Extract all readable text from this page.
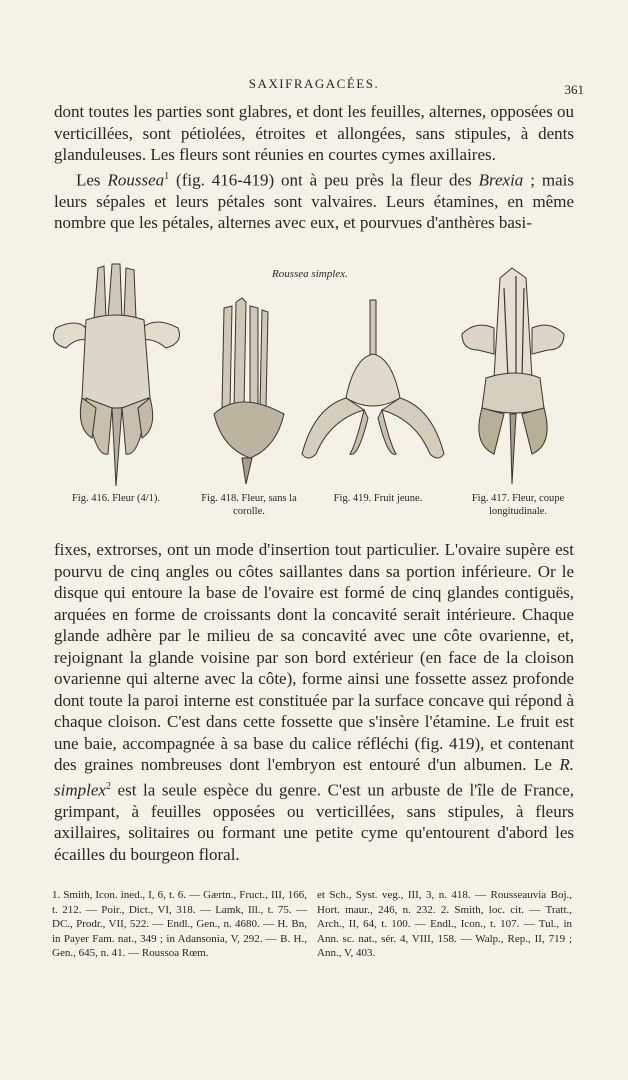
SAXIFRAGACÉES.	361

dont toutes les parties sont glabres, et dont les feuilles, alternes, opposées ou verticillées, sont pétiolées, étroites et allongées, sans stipules, à dents glanduleuses. Les fleurs sont réunies en courtes cymes axillaires.

Les Roussea$^1$ (fig. 416-419) ont à peu près la fleur des Brexia ; mais leurs sépales et leurs pétales sont valvaires. Leurs étamines, en même nombre que les pétales, alternes avec eux, et pourvues d'anthères basi-

Roussea simplex.
Fig. 416. Fleur (4/1).	Fig. 418. Fleur, sans la corolle.
Fig. 419. Fruit jeune.	Fig. 417. Fleur, coupe longitudinale.

fixes, extrorses, ont un mode d'insertion tout particulier. L'ovaire supère est pourvu de cinq angles ou côtes saillantes dans sa portion inférieure. Or le disque qui entoure la base de l'ovaire est formé de cinq glandes contiguës, arquées en forme de croissants dont la concavité serait intérieure. Chaque glande adhère par le milieu de sa concavité avec une côte ovarienne, et, rejoignant la glande voisine par son bord extérieur (en face de la cloison ovarienne qui alterne avec la côte), forme ainsi une fossette assez profonde dont toute la paroi interne est constituée par la surface concave qui répond à chaque cloison. C'est dans cette fossette que s'insère l'étamine. Le fruit est une baie, accompagnée à sa base du calice réfléchi (fig. 419), et contenant des graines nombreuses dont l'embryon est entouré d'un albumen. Le R. simplex$^2$ est la seule espèce du genre. C'est un arbuste de l'île de France, grimpant, à feuilles opposées ou verticillées, sans stipules, à fleurs axillaires, solitaires ou formant une petite cyme qu'entourent d'abord les écailles du bourgeon floral.

1. Smith, Icon. ined., I, 6, t. 6. — Gærtn., Fruct., III, 166, t. 212. — Poir., Dict., VI, 318. — Lamk, Ill., t. 75. — DC., Prodr., VII, 522. — Endl., Gen., n. 4680. — H. Bn, in Payer Fam. nat., 349 ; in Adansonia, V, 292. — B. H., Gen., 645, n. 41. — Roussoa Rœm.

et Sch., Syst. veg., III, 3, n. 418. — Rousseauvia Boj., Hort. maur., 246, n. 232. 2. Smith, loc. cit. — Tratt., Arch., II, 64, t. 100. — Endl., Icon., t. 107. — Tul., in Ann. sc. nat., sér. 4, VIII, 158. — Walp., Rep., II, 719 ; Ann., V, 403.
